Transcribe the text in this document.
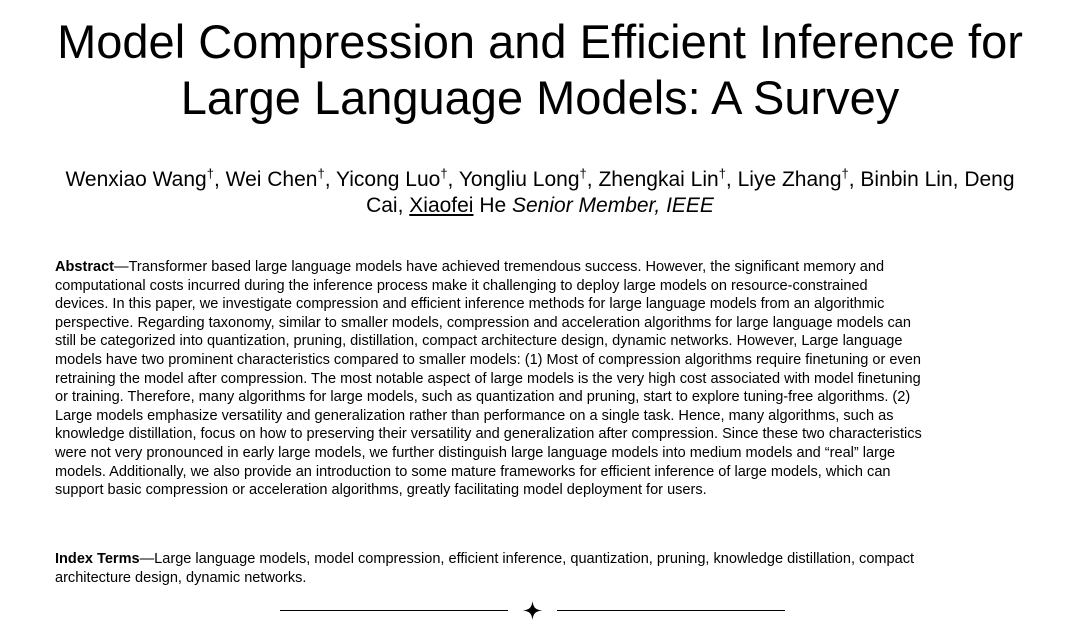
Model Compression and Efficient Inference for
Large Language Models: A Survey
Wenxiao Wang†, Wei Chen†, Yicong Luo†, Yongliu Long†, Zhengkai Lin†, Liye Zhang†, Binbin Lin, Deng
Cai, Xiaofei He Senior Member, IEEE
Abstract—Transformer based large language models have achieved tremendous success. However, the significant memory and
computational costs incurred during the inference process make it challenging to deploy large models on resource-constrained
devices. In this paper, we investigate compression and efficient inference methods for large language models from an algorithmic
perspective. Regarding taxonomy, similar to smaller models, compression and acceleration algorithms for large language models can
still be categorized into quantization, pruning, distillation, compact architecture design, dynamic networks. However, Large language
models have two prominent characteristics compared to smaller models: (1) Most of compression algorithms require finetuning or even
retraining the model after compression. The most notable aspect of large models is the very high cost associated with model finetuning
or training. Therefore, many algorithms for large models, such as quantization and pruning, start to explore tuning-free algorithms. (2)
Large models emphasize versatility and generalization rather than performance on a single task. Hence, many algorithms, such as
knowledge distillation, focus on how to preserving their versatility and generalization after compression. Since these two characteristics
were not very pronounced in early large models, we further distinguish large language models into medium models and “real” large
models. Additionally, we also provide an introduction to some mature frameworks for efficient inference of large models, which can
support basic compression or acceleration algorithms, greatly facilitating model deployment for users.
Index Terms—Large language models, model compression, efficient inference, quantization, pruning, knowledge distillation, compact
architecture design, dynamic networks.
